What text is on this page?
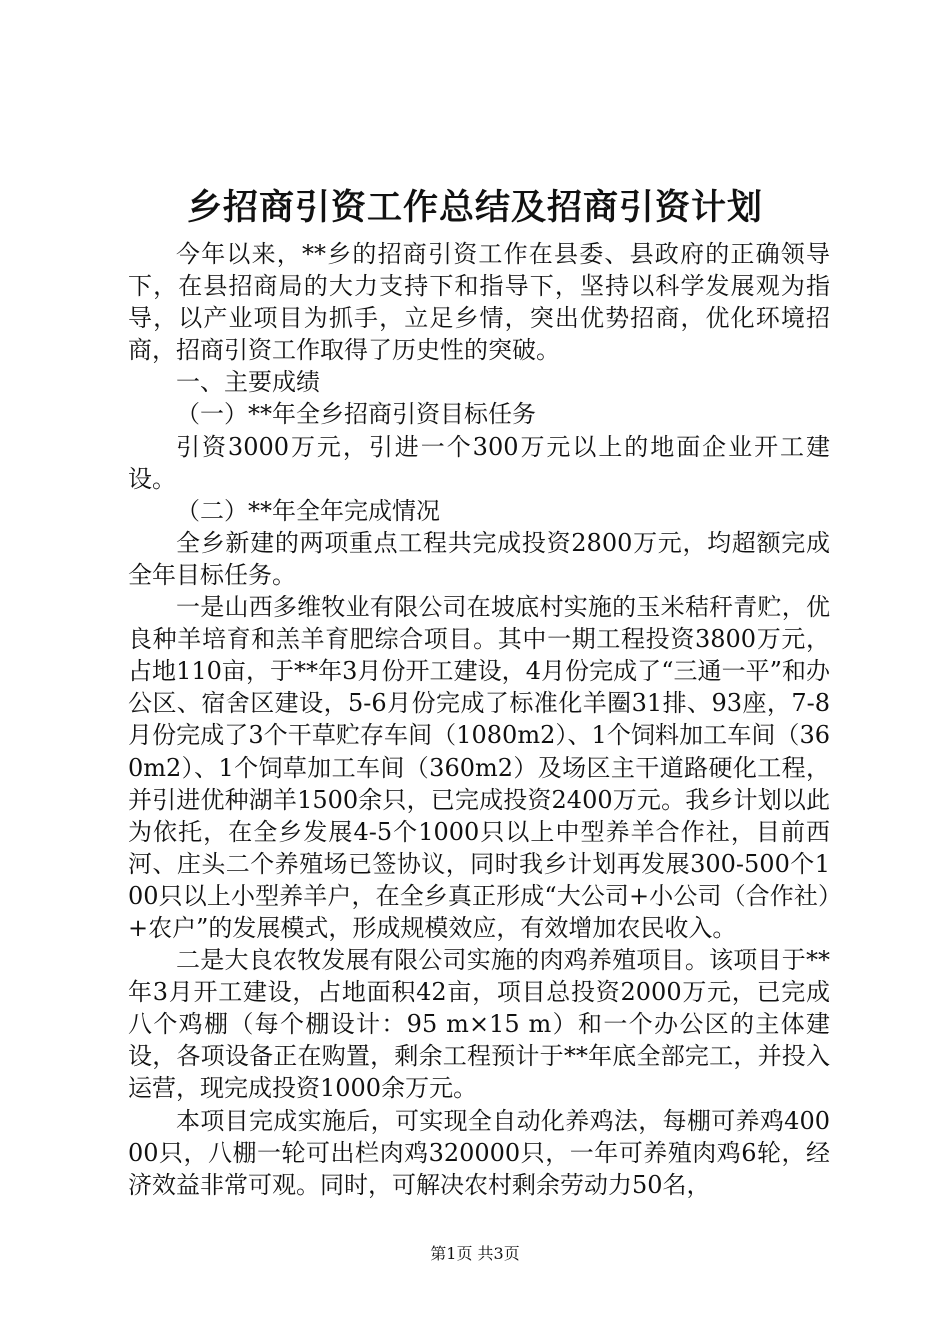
乡招商引资工作总结及招商引资计划

今年以来，**乡的招商引资工作在县委、县政府的正确领导下，在县招商局的大力支持下和指导下，坚持以科学发展观为指导，以产业项目为抓手，立足乡情，突出优势招商，优化环境招商，招商引资工作取得了历史性的突破。

一、主要成绩

（一）**年全乡招商引资目标任务

引资3000万元，引进一个300万元以上的地面企业开工建设。

（二）**年全年完成情况

全乡新建的两项重点工程共完成投资2800万元，均超额完成全年目标任务。

一是山西多维牧业有限公司在坡底村实施的玉米秸秆青贮，优良种羊培育和羔羊育肥综合项目。其中一期工程投资3800万元，占地110亩，于**年3月份开工建设，4月份完成了“三通一平”和办公区、宿舍区建设，5-6月份完成了标准化羊圈31排、93座，7-8月份完成了3个干草贮存车间（1080m2）、1个饲料加工车间（360m2）、1个饲草加工车间（360m2）及场区主干道路硬化工程，并引进优种湖羊1500余只，已完成投资2400万元。我乡计划以此为依托，在全乡发展4-5个1000只以上中型养羊合作社，目前西河、庄头二个养殖场已签协议，同时我乡计划再发展300-500个100只以上小型养羊户，在全乡真正形成“大公司+小公司（合作社）+农户”的发展模式，形成规模效应，有效增加农民收入。

二是大良农牧发展有限公司实施的肉鸡养殖项目。该项目于**年3月开工建设，占地面积42亩，项目总投资2000万元，已完成八个鸡棚（每个棚设计：95 m×15 m）和一个办公区的主体建设，各项设备正在购置，剩余工程预计于**年底全部完工，并投入运营，现完成投资1000余万元。

本项目完成实施后，可实现全自动化养鸡法，每棚可养鸡40000只，八棚一轮可出栏肉鸡320000只，一年可养殖肉鸡6轮，经济效益非常可观。同时，可解决农村剩余劳动力50名，

第1页 共3页
